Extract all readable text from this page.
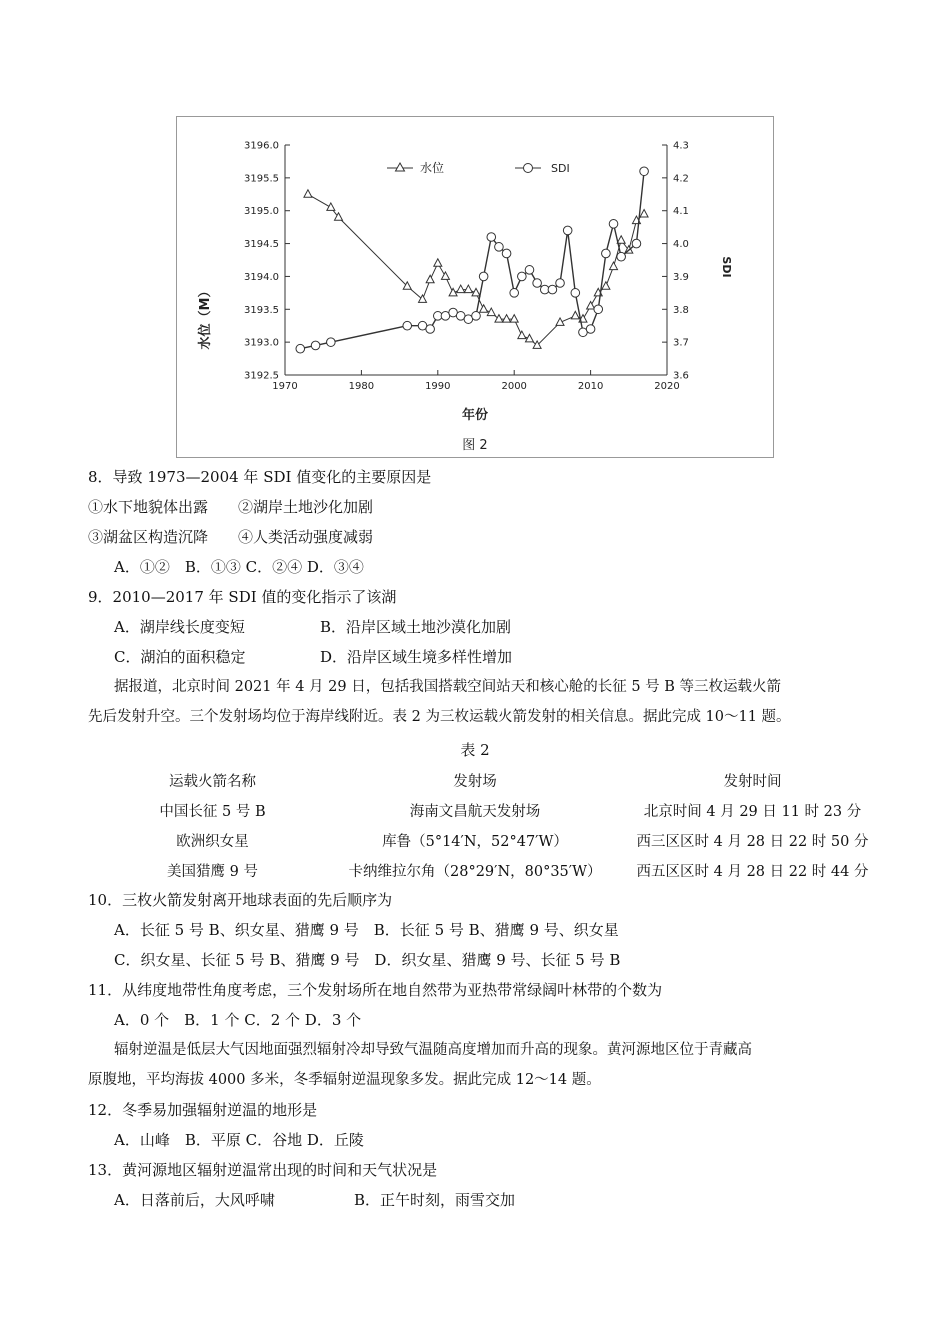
3192.5
3193.0
3193.5
3194.0
3194.5
3195.0
3195.5
3196.0
3.6
3.7
3.8
3.9
4.0
4.1
4.2
4.3
1970	1980	1990	2000	2010	2020
水位	SDI
水位（M）
SDI
年份
图 2
8．导致 1973—2004 年 SDI 值变化的主要原因是
①水下地貌体出露　　②湖岸土地沙化加剧
③湖盆区构造沉降　　④人类活动强度减弱
A．①②　B．①③ C．②④ D．③④
9．2010—2017 年 SDI 值的变化指示了该湖
A．湖岸线长度变短	B．沿岸区域土地沙漠化加剧
C．湖泊的面积稳定	D．沿岸区域生境多样性增加
据报道，北京时间 2021 年 4 月 29 日，包括我国搭载空间站天和核心舱的长征 5 号 B 等三枚运载火箭
先后发射升空。三个发射场均位于海岸线附近。表 2 为三枚运载火箭发射的相关信息。据此完成 10～11 题。
表 2
运载火箭名称	发射场	发射时间
中国长征 5 号 B	海南文昌航天发射场	北京时间 4 月 29 日 11 时 23 分
欧洲织女星	库鲁（5°14′N，52°47′W）	西三区区时 4 月 28 日 22 时 50 分
美国猎鹰 9 号	卡纳维拉尔角（28°29′N，80°35′W）	西五区区时 4 月 28 日 22 时 44 分
10．三枚火箭发射离开地球表面的先后顺序为
A．长征 5 号 B、织女星、猎鹰 9 号　B．长征 5 号 B、猎鹰 9 号、织女星
C．织女星、长征 5 号 B、猎鹰 9 号　D．织女星、猎鹰 9 号、长征 5 号 B
11．从纬度地带性角度考虑，三个发射场所在地自然带为亚热带常绿阔叶林带的个数为
A．0 个　B．1 个 C．2 个 D．3 个
辐射逆温是低层大气因地面强烈辐射冷却导致气温随高度增加而升高的现象。黄河源地区位于青藏高
原腹地，平均海拔 4000 多米，冬季辐射逆温现象多发。据此完成 12～14 题。
12．冬季易加强辐射逆温的地形是
A．山峰　B．平原 C．谷地 D．丘陵
13．黄河源地区辐射逆温常出现的时间和天气状况是
A．日落前后，大风呼啸	B．正午时刻，雨雪交加
